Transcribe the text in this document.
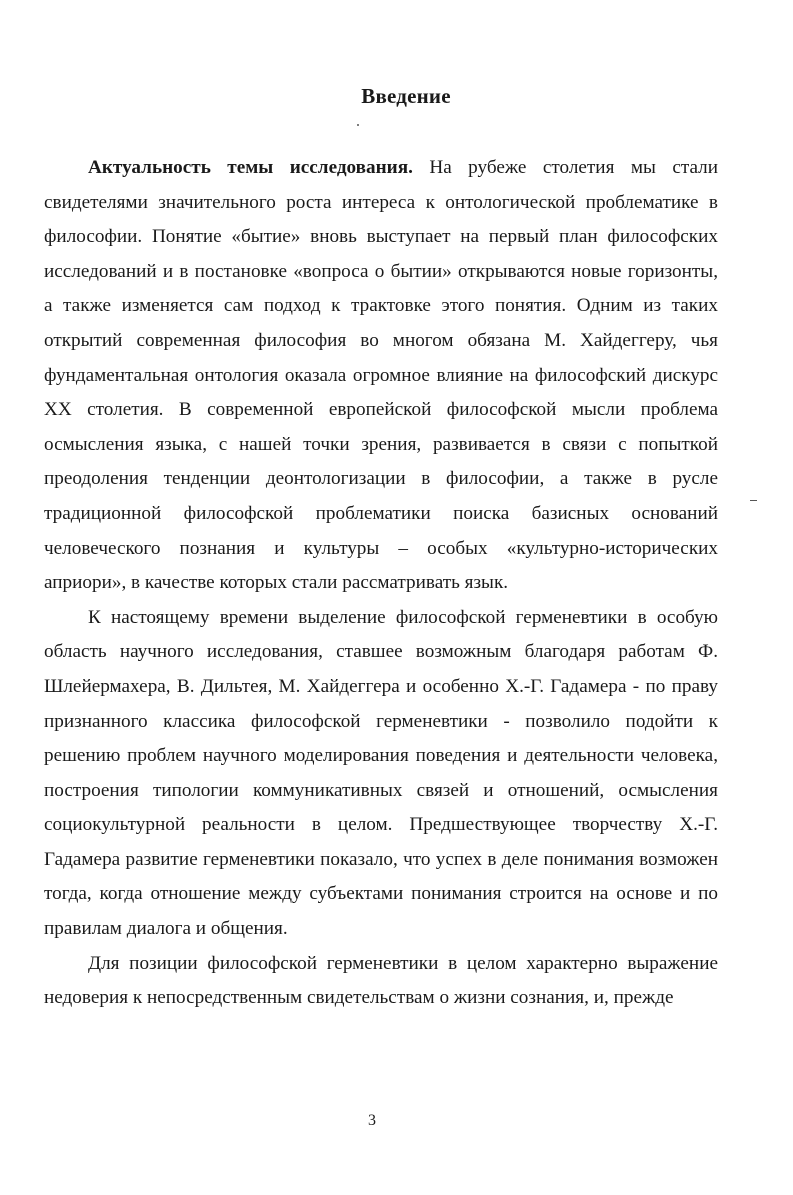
Введение

Актуальность темы исследования. На рубеже столетия мы стали свидетелями значительного роста интереса к онтологической проблематике в философии. Понятие «бытие» вновь выступает на первый план философских исследований и в постановке «вопроса о бытии» открываются новые горизонты, а также изменяется сам подход к трактовке этого понятия. Одним из таких открытий современная философия во многом обязана М. Хайдеггеру, чья фундаментальная онтология оказала огромное влияние на философский дискурс XX столетия. В современной европейской философской мысли проблема осмысления языка, с нашей точки зрения, развивается в связи с попыткой преодоления тенденции деонтологизации в философии, а также в русле традиционной философской проблематики поиска базисных оснований человеческого познания и культуры – особых «культурно-исторических априори», в качестве которых стали рассматривать язык.

К настоящему времени выделение философской герменевтики в особую область научного исследования, ставшее возможным благодаря работам Ф. Шлейермахера, В. Дильтея, М. Хайдеггера и особенно Х.-Г. Гадамера - по праву признанного классика философской герменевтики - позволило подойти к решению проблем научного моделирования поведения и деятельности человека, построения типологии коммуникативных связей и отношений, осмысления социокультурной реальности в целом. Предшествующее творчеству Х.-Г. Гадамера развитие герменевтики показало, что успех в деле понимания возможен тогда, когда отношение между субъектами понимания строится на основе и по правилам диалога и общения.

Для позиции философской герменевтики в целом характерно выражение недоверия к непосредственным свидетельствам о жизни сознания, и, прежде

3
